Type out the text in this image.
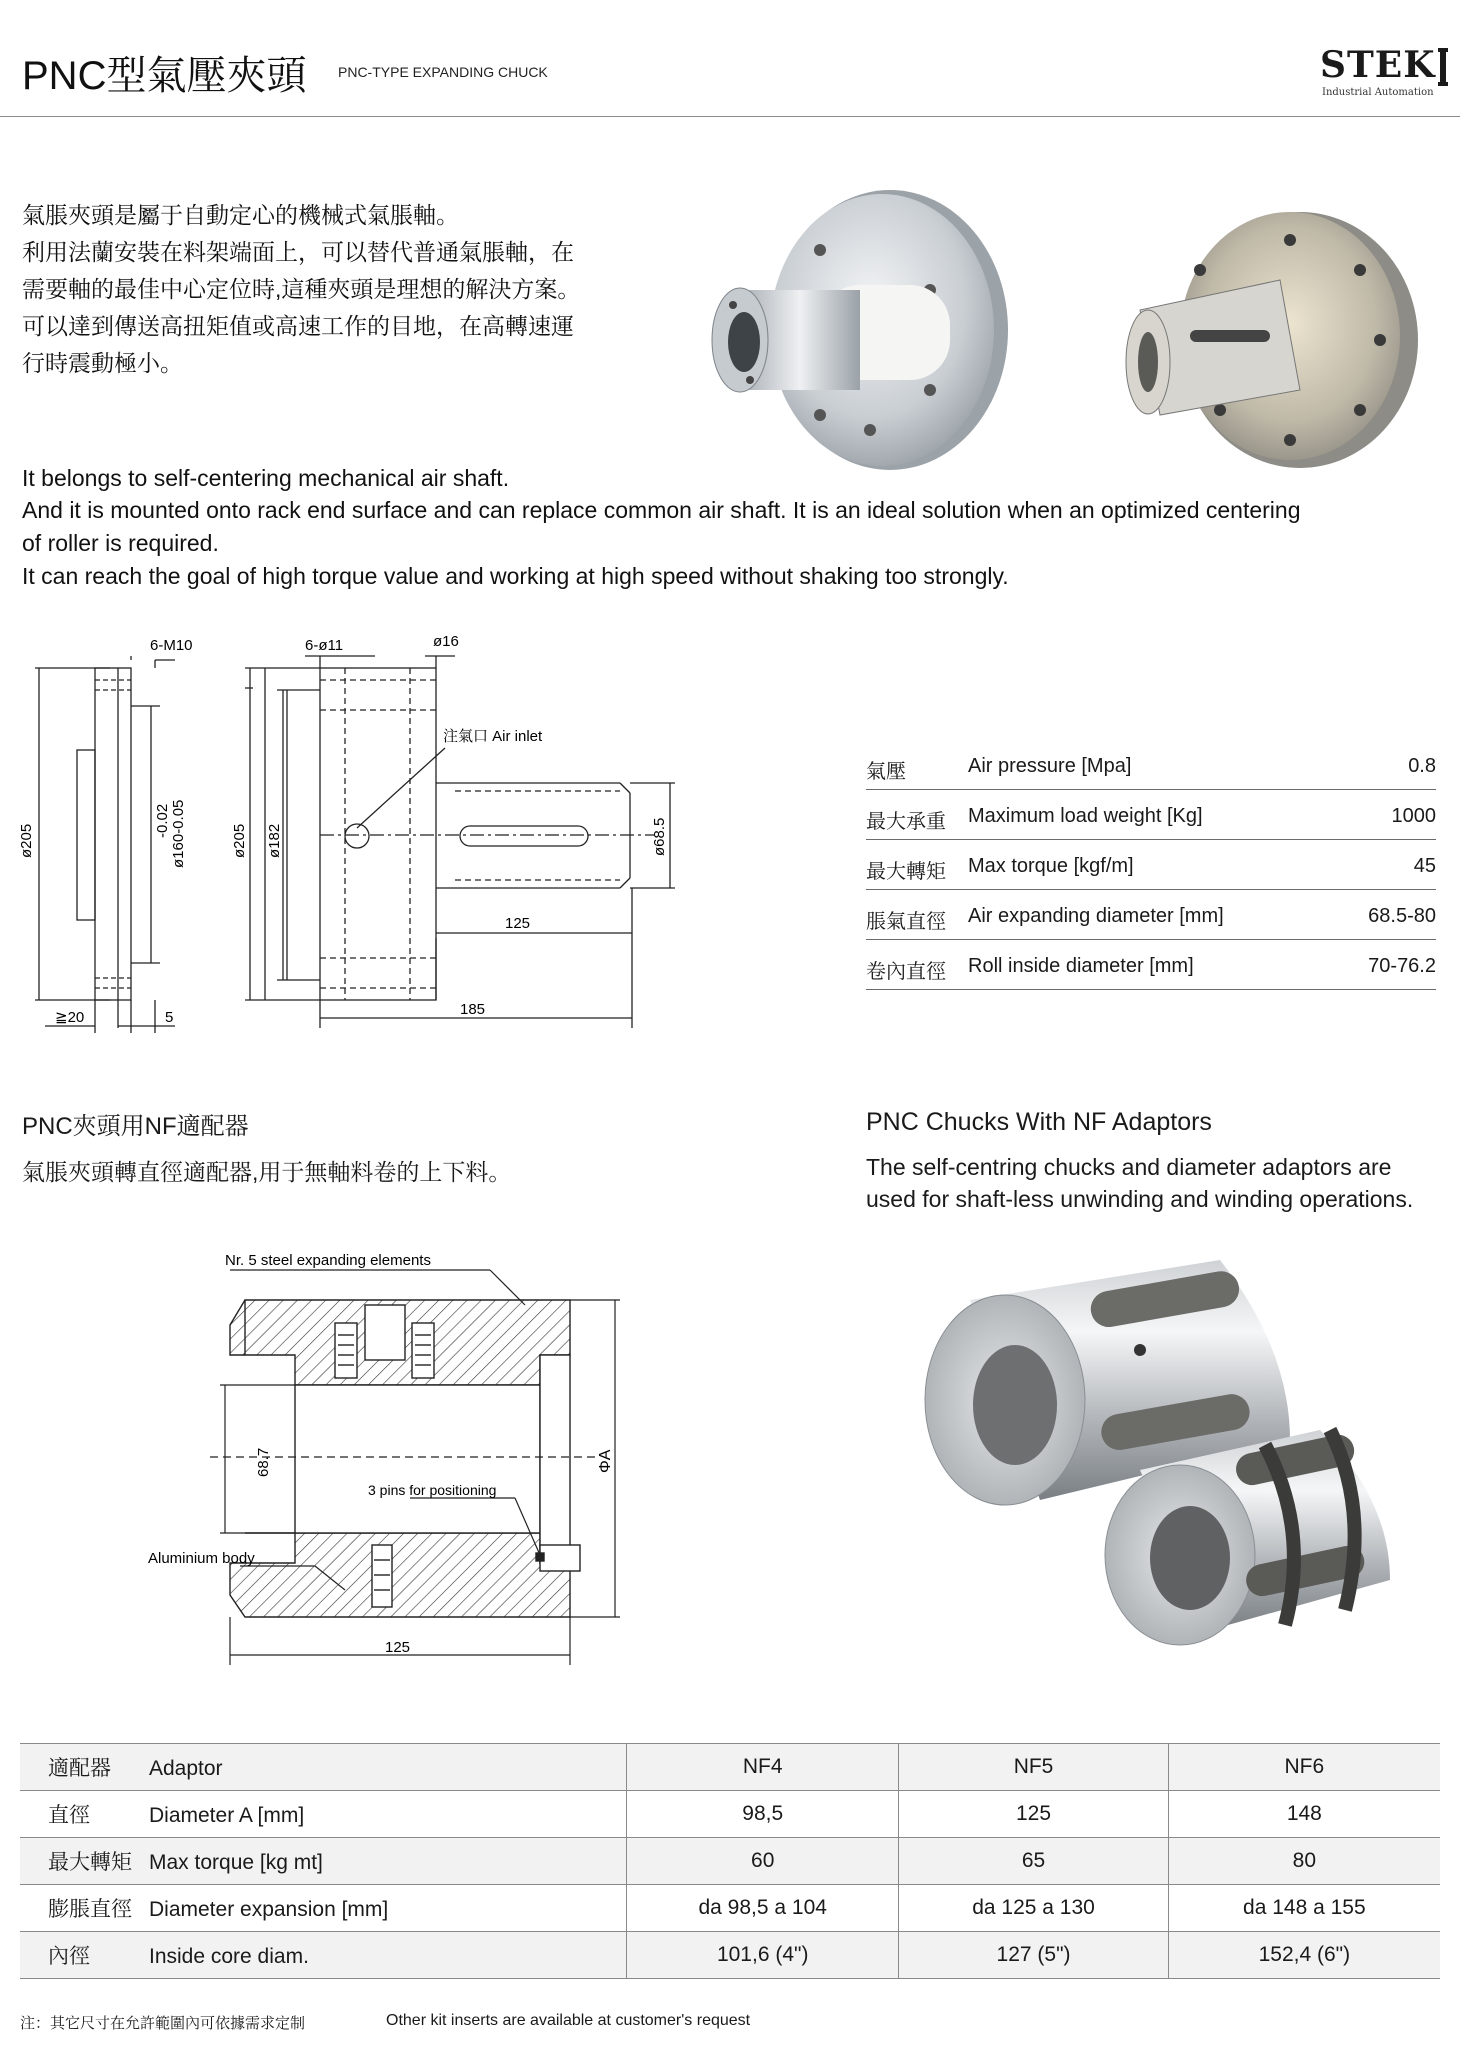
PNC型氣壓夾頭 PNC-TYPE EXPANDING CHUCK	STEK
Industrial Automation
氣脹夾頭是屬于自動定心的機械式氣脹軸。
利用法蘭安裝在料架端面上，可以替代普通氣脹軸，在
需要軸的最佳中心定位時,這種夾頭是理想的解決方案。
可以達到傳送高扭矩值或高速工作的目地，在高轉速運
行時震動極小。
It belongs to self-centering mechanical air shaft.
And it is mounted onto rack end surface and can replace common air shaft. It is an ideal solution when an optimized centering
of roller is required.
It can reach the goal of high torque value and working at high speed without shaking too strongly.
6-M10	6-ø11	ø16
注氣口 Air inlet
ø205
-0.02 ø160-0.05	ø205 ø182	ø68.5
125
185
≧20	5
氣壓	Air pressure [Mpa]	0.8
最大承重 Maximum load weight [Kg]	1000
最大轉矩 Max torque [kgf/m]	45
脹氣直徑 Air expanding diameter [mm]	68.5-80
卷內直徑 Roll inside diameter [mm]	70-76.2
PNC夾頭用NF適配器
氣脹夾頭轉直徑適配器,用于無軸料卷的上下料。
PNC Chucks With NF Adaptors
The self-centring chucks and diameter adaptors are
used for shaft-less unwinding and winding operations.
Nr. 5 steel expanding elements
3 pins for positioning
Aluminium body
68.7	ΦA
125
適配器 Adaptor	NF4	NF5	NF6
直徑 Diameter A [mm]	98,5	125	148
最大轉矩 Max torque [kg mt]	60	65	80
膨脹直徑 Diameter expansion [mm]	da 98,5 a 104	da 125 a 130	da 148 a 155
內徑 Inside core diam.	101,6 (4")	127 (5")	152,4 (6")
注：其它尺寸在允許範圍內可依據需求定制	Other kit inserts are available at customer's request
